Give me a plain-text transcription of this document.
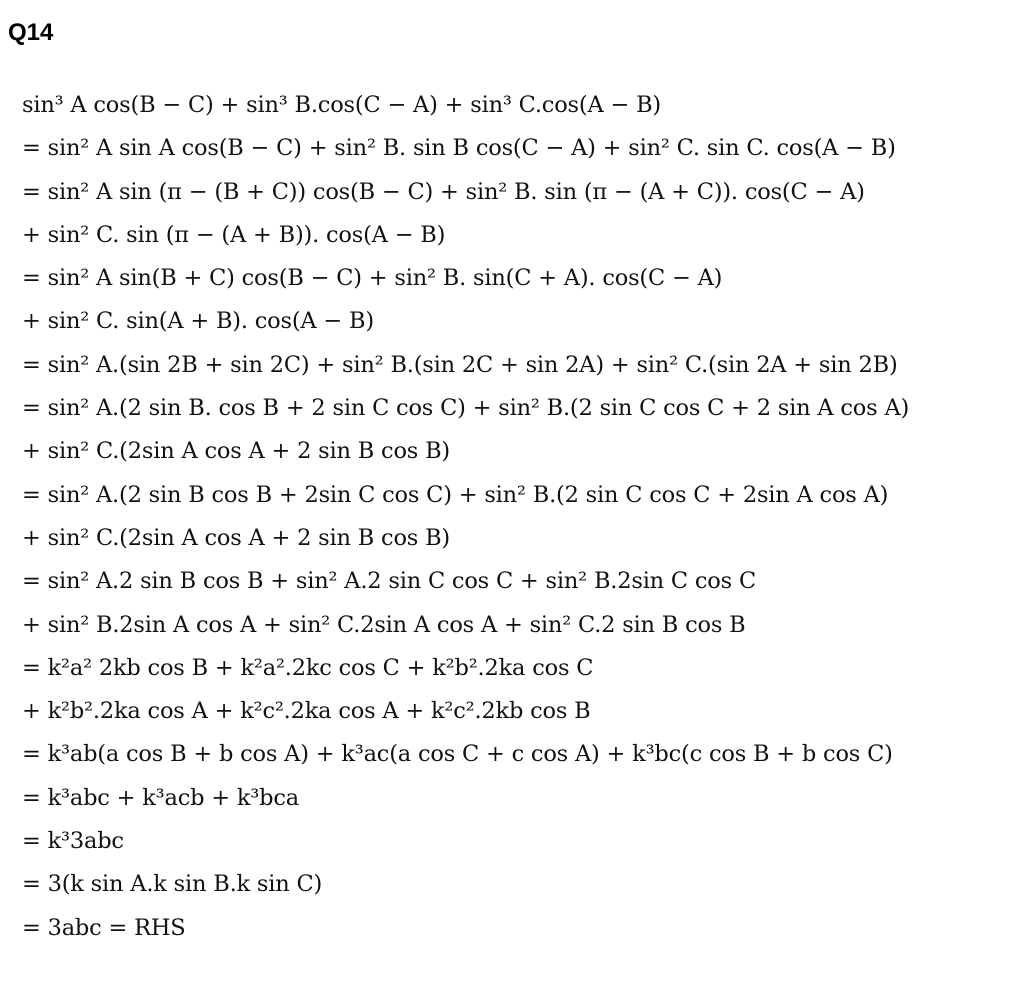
Q14
sin³ A cos(B − C) + sin³ B.cos(C − A) + sin³ C.cos(A − B)
= sin² A sin A cos(B − C) + sin² B. sin B cos(C − A) + sin² C. sin C. cos(A − B)
= sin² A sin (π − (B + C)) cos(B − C) + sin² B. sin (π − (A + C)). cos(C − A)
+ sin² C. sin (π − (A + B)). cos(A − B)
= sin² A sin(B + C) cos(B − C) + sin² B. sin(C + A). cos(C − A)
+ sin² C. sin(A + B). cos(A − B)
= sin² A.(sin 2B + sin 2C) + sin² B.(sin 2C + sin 2A) + sin² C.(sin 2A + sin 2B)
= sin² A.(2 sin B. cos B + 2 sin C cos C) + sin² B.(2 sin C cos C + 2 sin A cos A)
+ sin² C.(2sin A cos A + 2 sin B cos B)
= sin² A.(2 sin B cos B + 2sin C cos C) + sin² B.(2 sin C cos C + 2sin A cos A)
+ sin² C.(2sin A cos A + 2 sin B cos B)
= sin² A.2 sin B cos B + sin² A.2 sin C cos C + sin² B.2sin C cos C
+ sin² B.2sin A cos A + sin² C.2sin A cos A + sin² C.2 sin B cos B
= k²a² 2kb cos B + k²a².2kc cos C + k²b².2ka cos C
+ k²b².2ka cos A + k²c².2ka cos A + k²c².2kb cos B
= k³ab(a cos B + b cos A) + k³ac(a cos C + c cos A) + k³bc(c cos B + b cos C)
= k³abc + k³acb + k³bca
= k³3abc
= 3(k sin A.k sin B.k sin C)
= 3abc = RHS
